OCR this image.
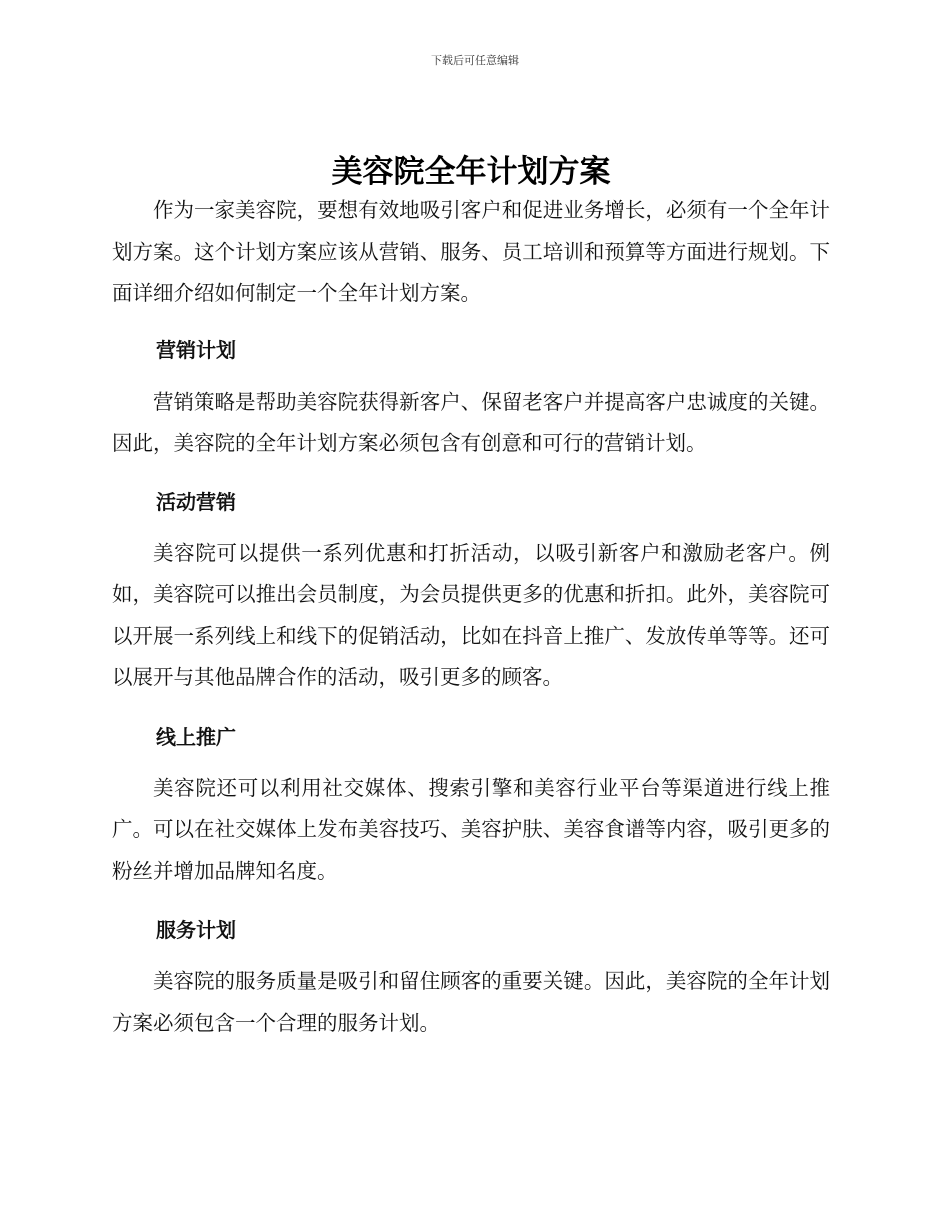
下载后可任意编辑
美容院全年计划方案

作为一家美容院，要想有效地吸引客户和促进业务增长，必须有一个全年计划方案。这个计划方案应该从营销、服务、员工培训和预算等方面进行规划。下面详细介绍如何制定一个全年计划方案。

营销计划

营销策略是帮助美容院获得新客户、保留老客户并提高客户忠诚度的关键。因此，美容院的全年计划方案必须包含有创意和可行的营销计划。

活动营销

美容院可以提供一系列优惠和打折活动，以吸引新客户和激励老客户。例如，美容院可以推出会员制度，为会员提供更多的优惠和折扣。此外，美容院可以开展一系列线上和线下的促销活动，比如在抖音上推广、发放传单等等。还可以展开与其他品牌合作的活动，吸引更多的顾客。

线上推广

美容院还可以利用社交媒体、搜索引擎和美容行业平台等渠道进行线上推广。可以在社交媒体上发布美容技巧、美容护肤、美容食谱等内容，吸引更多的粉丝并增加品牌知名度。

服务计划

美容院的服务质量是吸引和留住顾客的重要关键。因此，美容院的全年计划方案必须包含一个合理的服务计划。
